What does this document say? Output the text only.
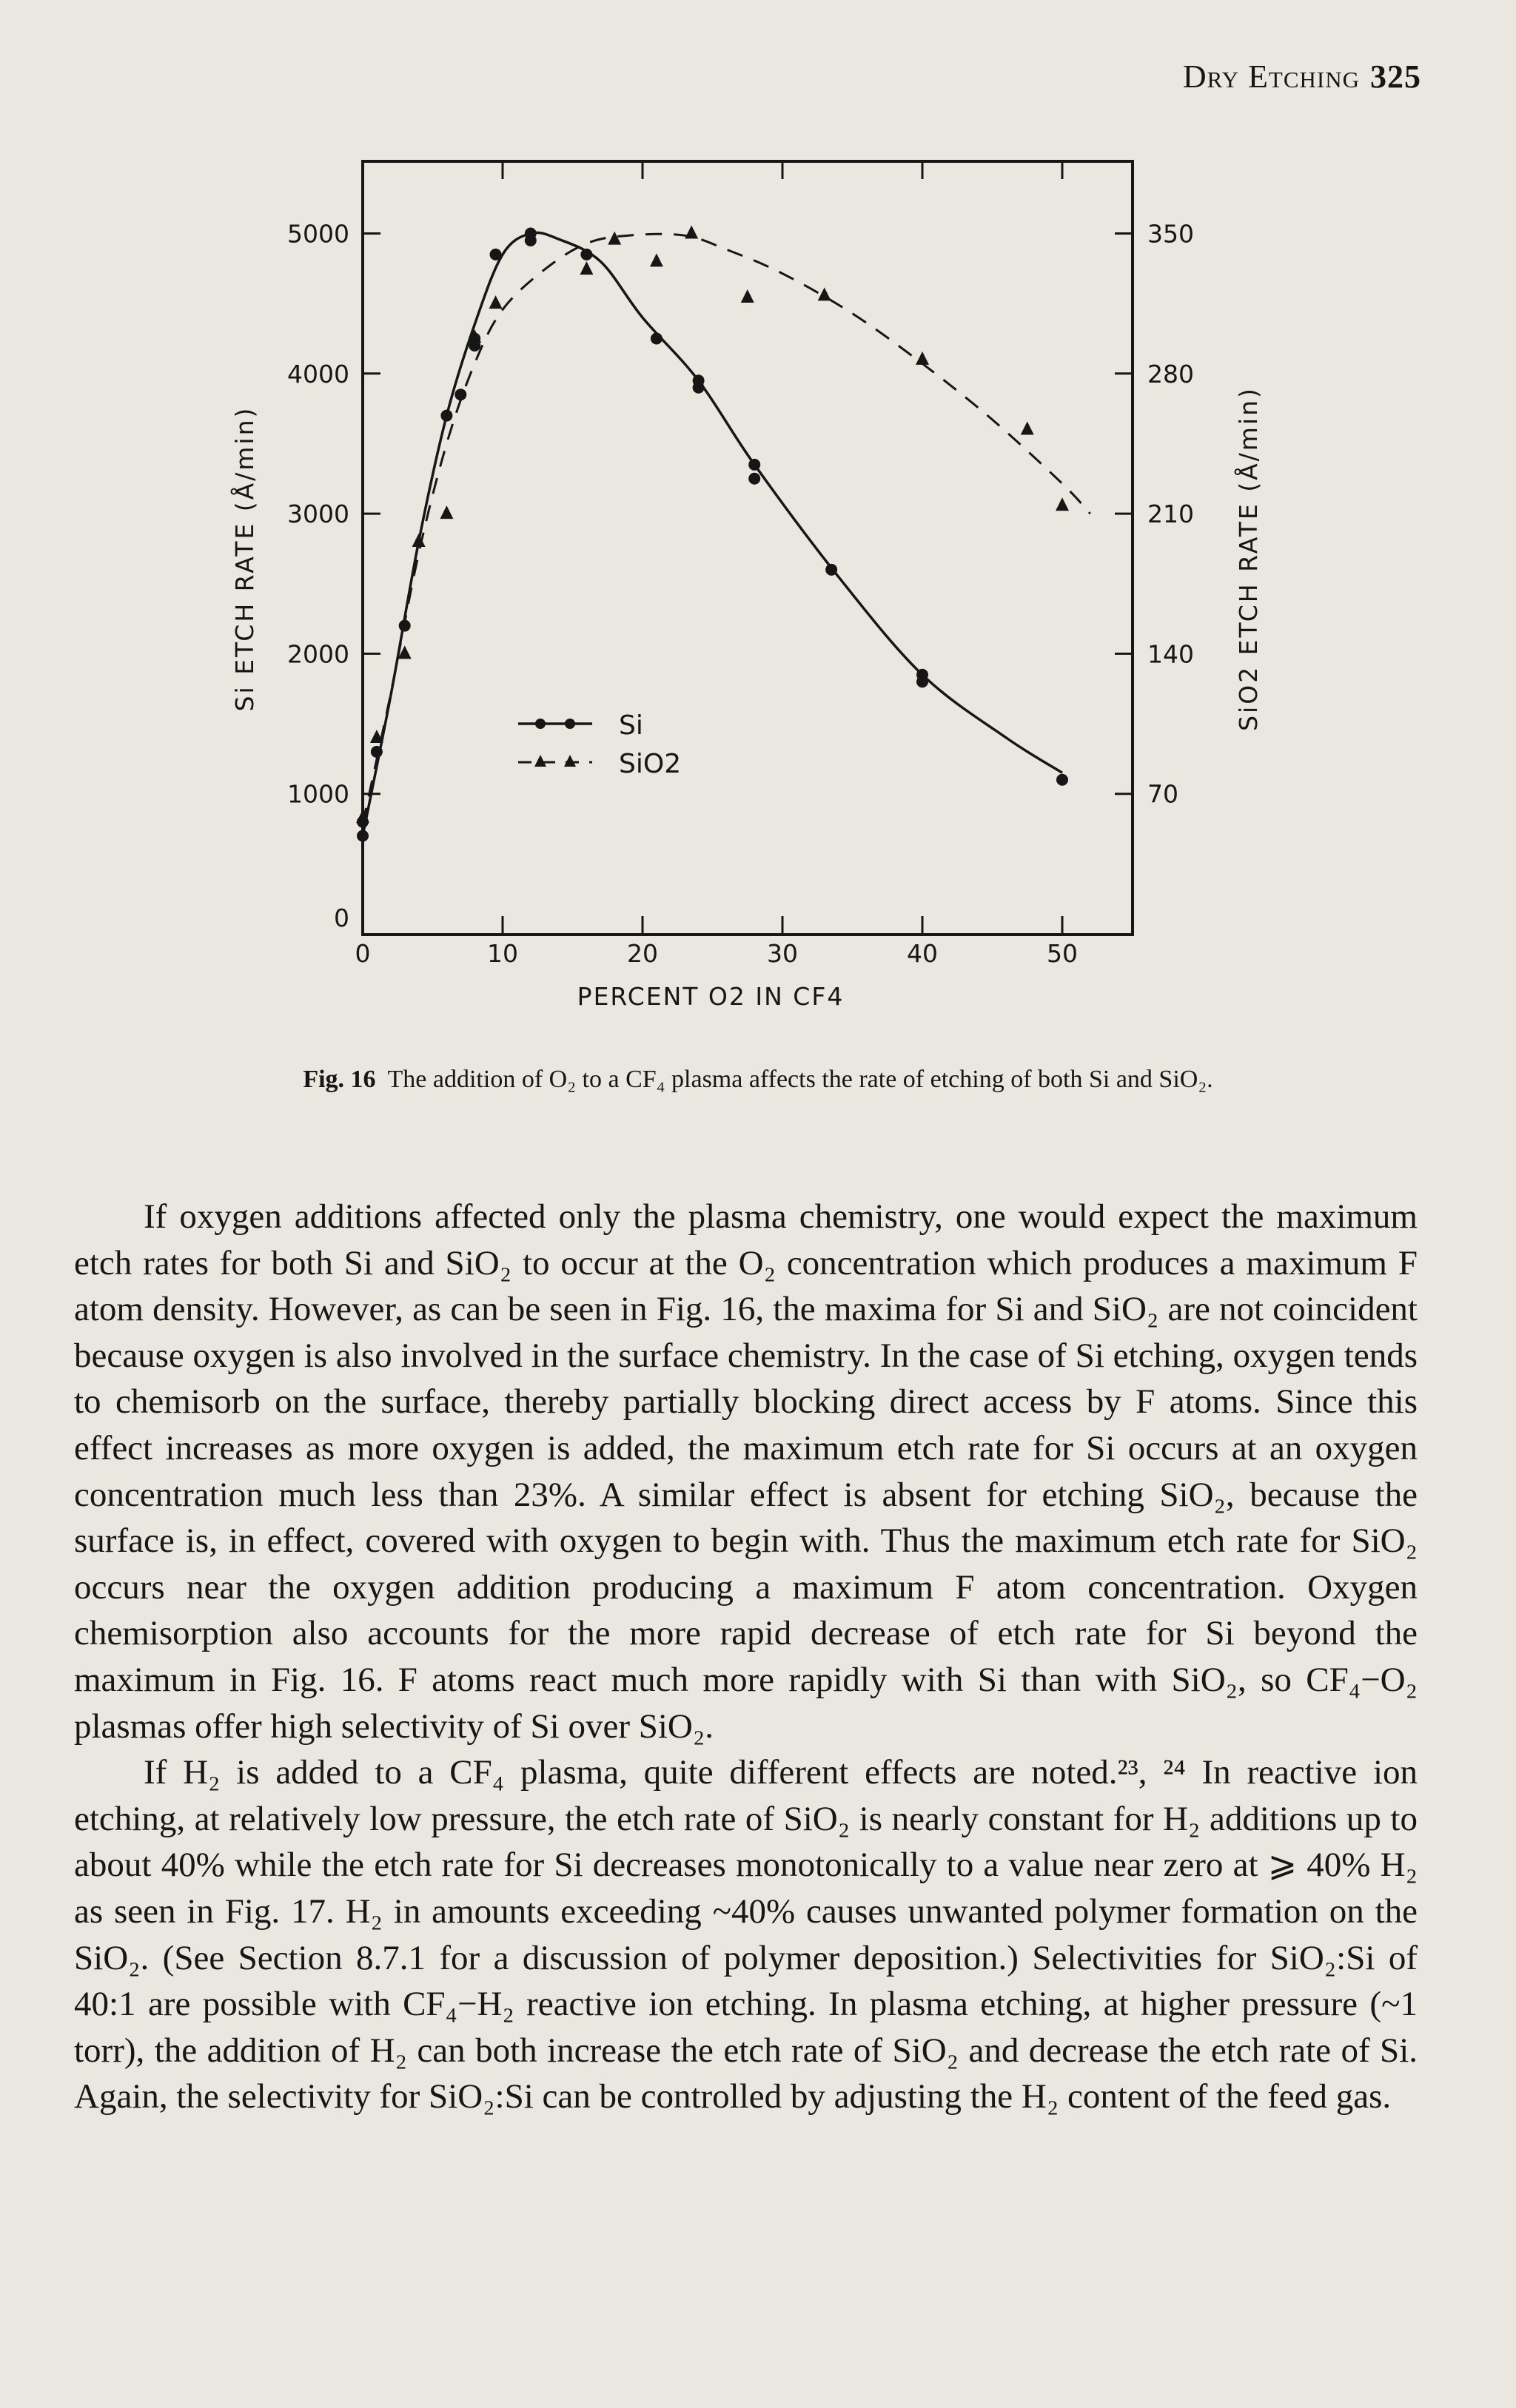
Dry Etching 325
0	10	20	30	40	50
0
1000
2000
3000
4000
5000
70
140
210
280
350
Si ETCH RATE (Å/min)	SiO2 ETCH RATE (Å/min)
PERCENT O2 IN CF4
Si
SiO2
Fig. 16 The addition of O₂ to a CF₄ plasma affects the rate of etching of both Si and SiO₂.

If oxygen additions affected only the plasma chemistry, one would expect the maximum etch rates for both Si and SiO₂ to occur at the O₂ concentration which produces a maximum F atom density. However, as can be seen in Fig. 16, the maxima for Si and SiO₂ are not coincident because oxygen is also involved in the surface chemistry. In the case of Si etching, oxygen tends to chemisorb on the surface, thereby partially blocking direct access by F atoms. Since this effect increases as more oxygen is added, the maximum etch rate for Si occurs at an oxygen concentration much less than 23%. A similar effect is absent for etching SiO₂, because the surface is, in effect, covered with oxygen to begin with. Thus the maximum etch rate for SiO₂ occurs near the oxygen addition producing a maximum F atom concentration. Oxygen chemisorption also accounts for the more rapid decrease of etch rate for Si beyond the maximum in Fig. 16. F atoms react much more rapidly with Si than with SiO₂, so CF₄−O₂ plasmas offer high selectivity of Si over SiO₂.

If H₂ is added to a CF₄ plasma, quite different effects are noted.²³, ²⁴ In reactive ion etching, at relatively low pressure, the etch rate of SiO₂ is nearly constant for H₂ additions up to about 40% while the etch rate for Si decreases monotonically to a value near zero at ⩾ 40% H₂ as seen in Fig. 17. H₂ in amounts exceeding ~40% causes unwanted polymer formation on the SiO₂. (See Section 8.7.1 for a discussion of polymer deposition.) Selectivities for SiO₂:Si of 40:1 are possible with CF₄−H₂ reactive ion etching. In plasma etching, at higher pressure (~1 torr), the addition of H₂ can both increase the etch rate of SiO₂ and decrease the etch rate of Si. Again, the selectivity for SiO₂:Si can be controlled by adjusting the H₂ content of the feed gas.
